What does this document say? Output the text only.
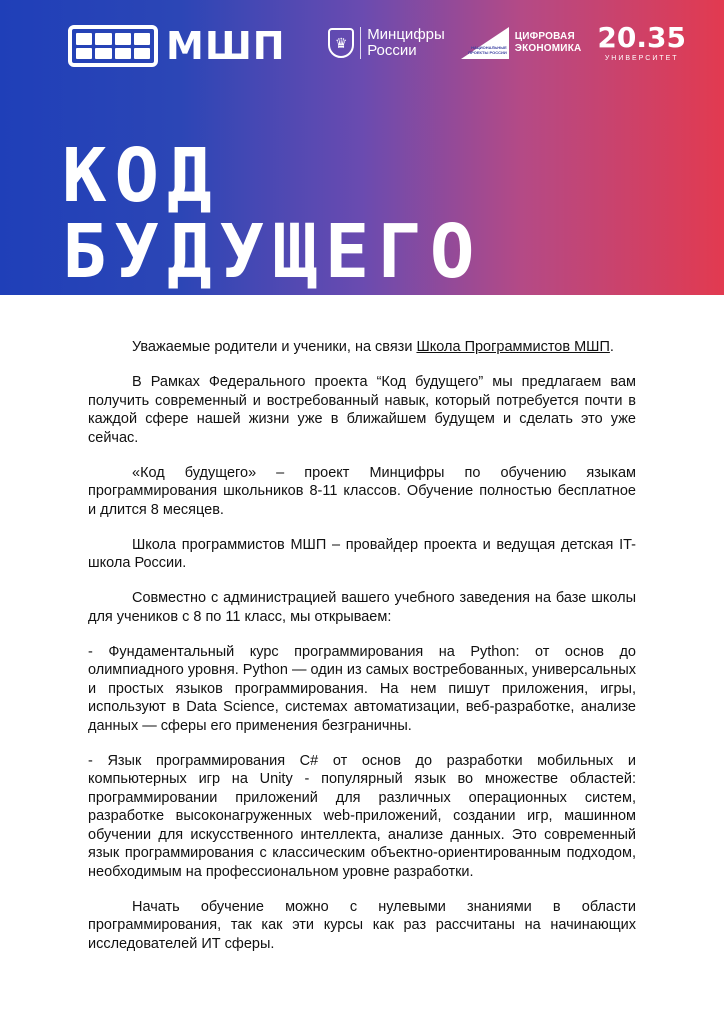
МШП	♛	Минцифры
России	НАЦИОНАЛЬНЫЕ ПРОЕКТЫ РОССИИ
ЦИФРОВАЯ
ЭКОНОМИКА 20.35
УНИВЕРСИТЕТ
КОД
БУДУЩЕГО

Уважаемые родители и ученики, на связи Школа Программистов МШП.

В Рамках Федерального проекта “Код будущего” мы предлагаем вам получить современный и востребованный навык, который потребуется почти в каждой сфере нашей жизни уже в ближайшем будущем и сделать это уже сейчас.

«Код будущего» – проект Минцифры по обучению языкам программирования школьников 8-11 классов. Обучение полностью бесплатное и длится 8 месяцев.

Школа программистов МШП – провайдер проекта и ведущая детская IT-школа России.

Совместно с администрацией вашего учебного заведения на базе школы для учеников с 8 по 11 класс, мы открываем:

- Фундаментальный курс программирования на Python: от основ до олимпиадного уровня. Python — один из самых востребованных, универсальных и простых языков программирования. На нем пишут приложения, игры, используют в Data Science, системах автоматизации, веб-разработке, анализе данных — сферы его применения безграничны.

- Язык программирования C# от основ до разработки мобильных и компьютерных игр на Unity - популярный язык во множестве областей: программировании приложений для различных операционных систем, разработке высоконагруженных web-приложений, создании игр, машинном обучении для искусственного интеллекта, анализе данных. Это современный язык программирования с классическим объектно-ориентированным подходом, необходимым на профессиональном уровне разработки.

Начать обучение можно с нулевыми знаниями в области программирования, так как эти курсы как раз рассчитаны на начинающих исследователей ИТ сферы.
